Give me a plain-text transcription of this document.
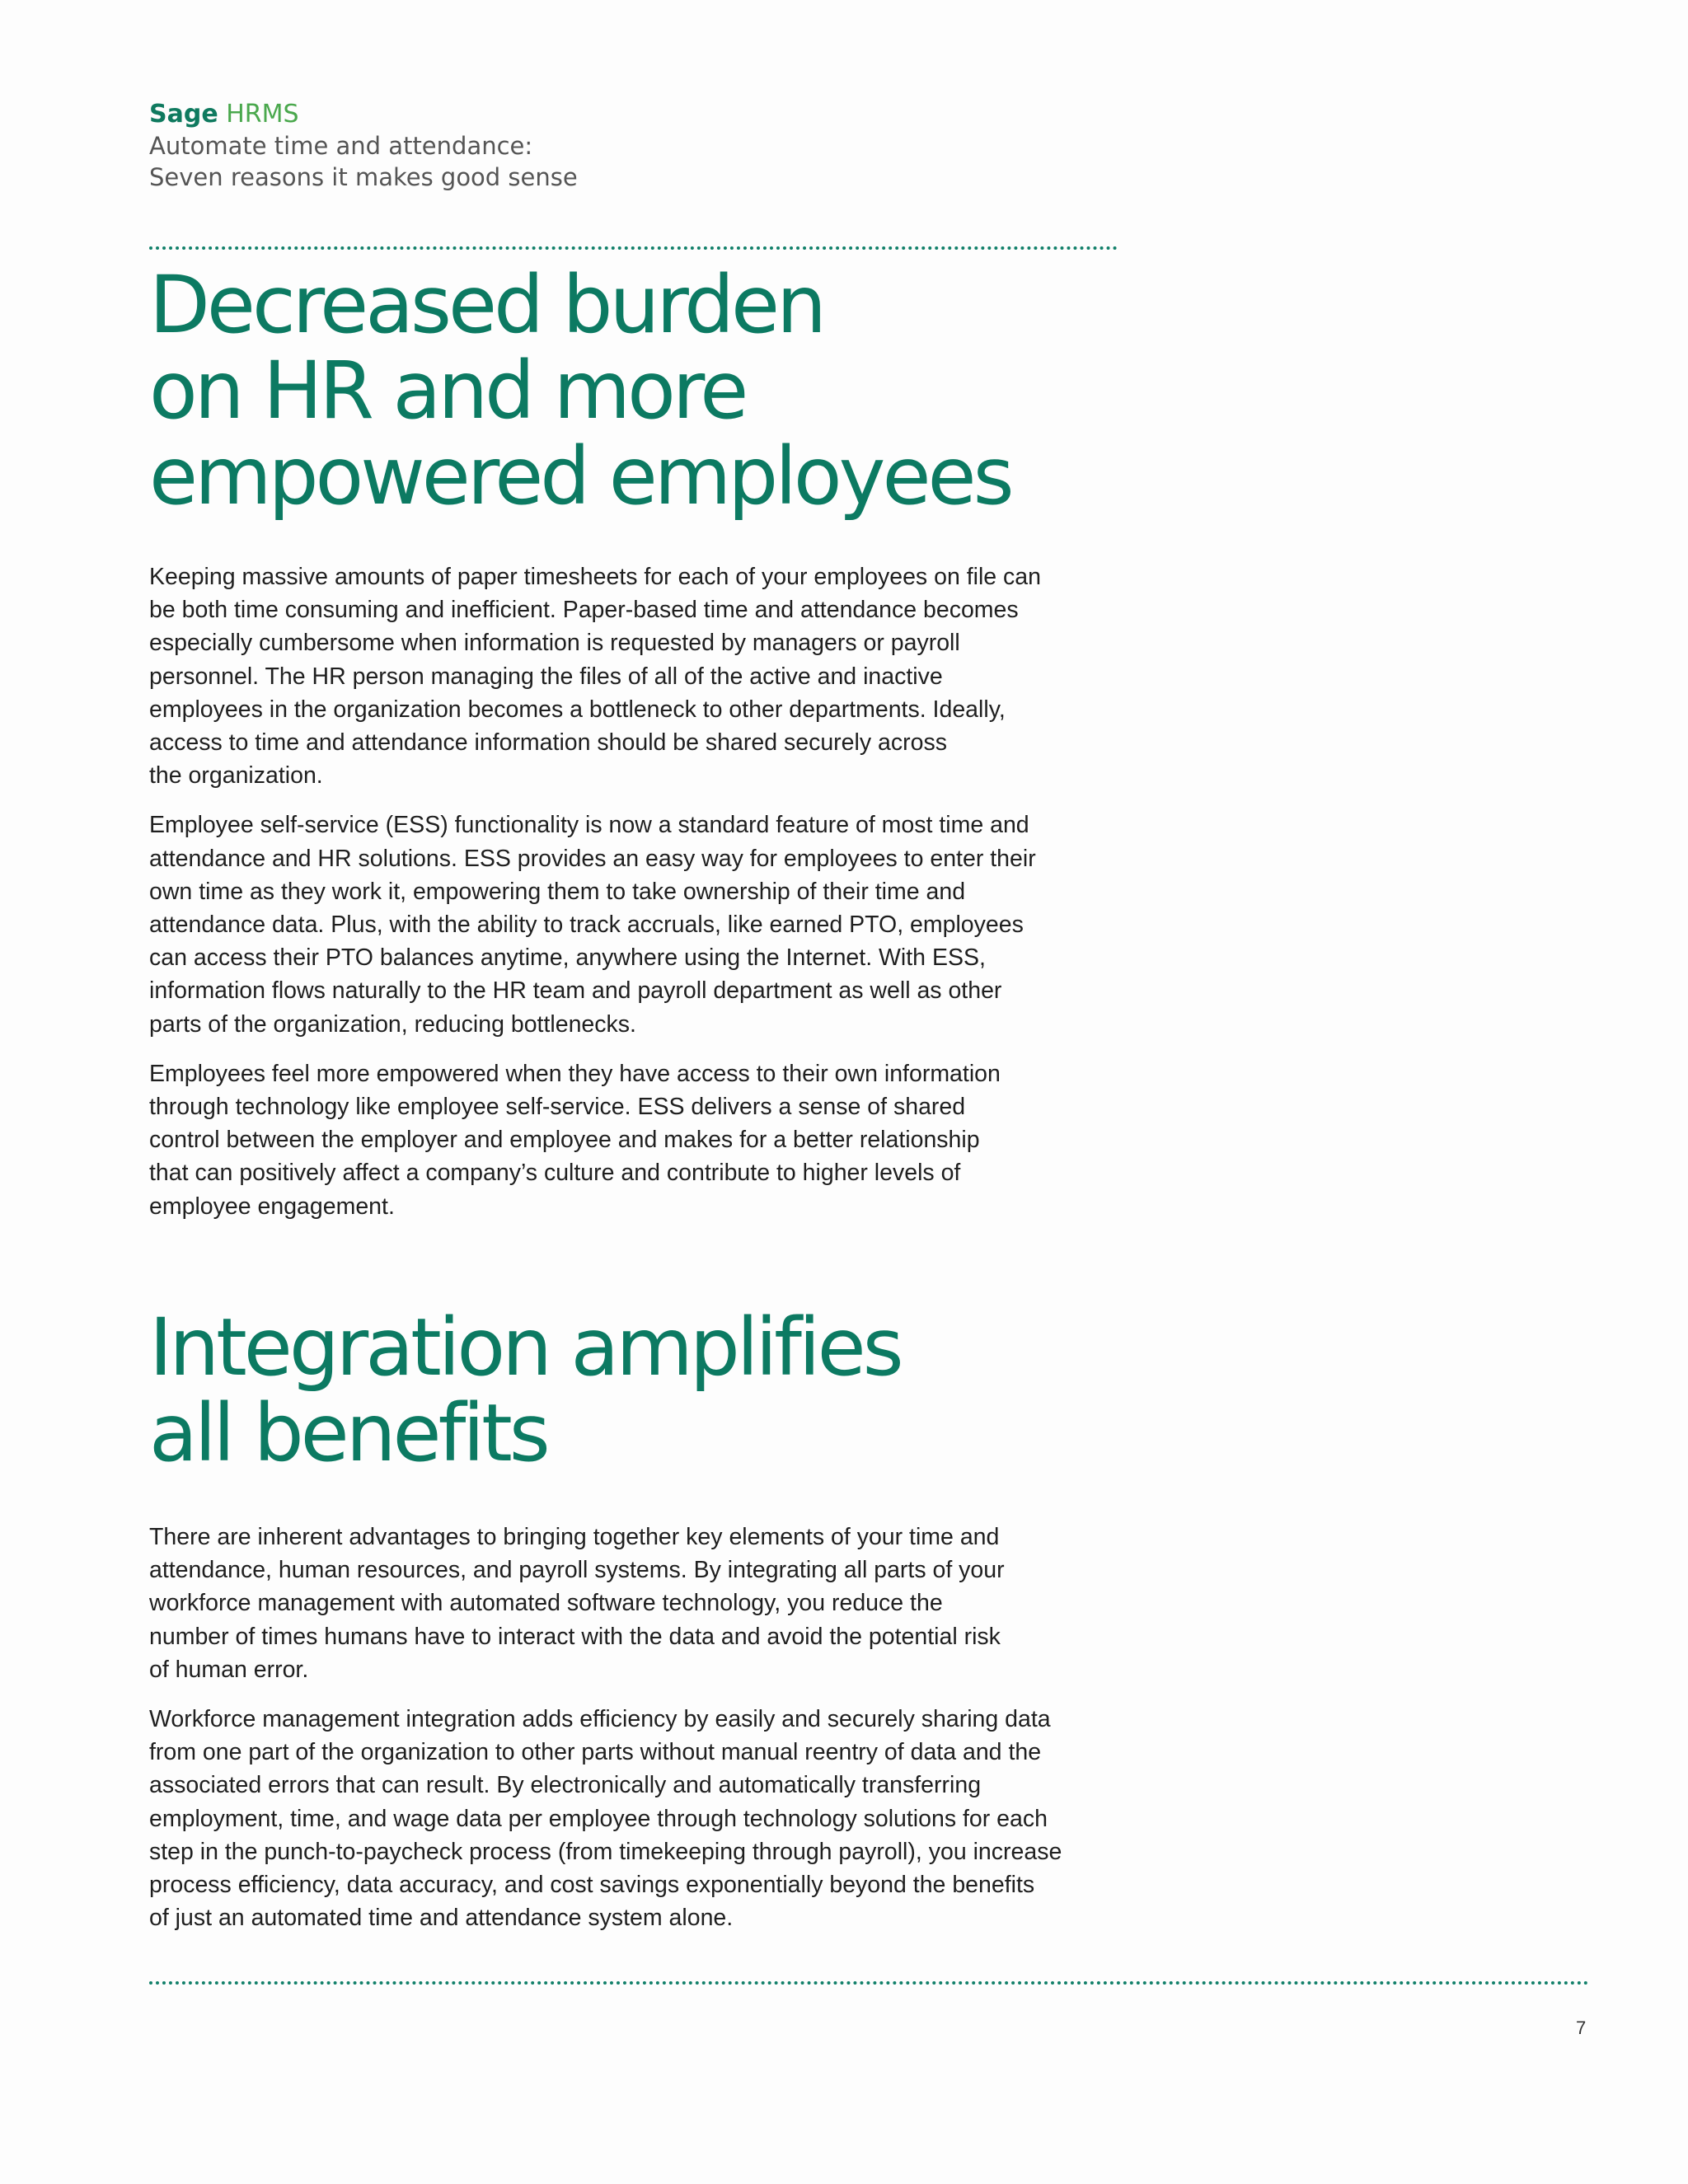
Sage HRMS
Automate time and attendance:
Seven reasons it makes good sense
Decreased burden
on HR and more
empowered employees

Keeping massive amounts of paper timesheets for each of your employees on file can
be both time consuming and inefficient. Paper-based time and attendance becomes
especially cumbersome when information is requested by managers or payroll
personnel. The HR person managing the files of all of the active and inactive
employees in the organization becomes a bottleneck to other departments. Ideally,
access to time and attendance information should be shared securely across
the organization.

Employee self-service (ESS) functionality is now a standard feature of most time and
attendance and HR solutions. ESS provides an easy way for employees to enter their
own time as they work it, empowering them to take ownership of their time and
attendance data. Plus, with the ability to track accruals, like earned PTO, employees
can access their PTO balances anytime, anywhere using the Internet. With ESS,
information flows naturally to the HR team and payroll department as well as other
parts of the organization, reducing bottlenecks.

Employees feel more empowered when they have access to their own information
through technology like employee self-service. ESS delivers a sense of shared
control between the employer and employee and makes for a better relationship
that can positively affect a company’s culture and contribute to higher levels of
employee engagement.

Integration amplifies
all benefits

There are inherent advantages to bringing together key elements of your time and
attendance, human resources, and payroll systems. By integrating all parts of your
workforce management with automated software technology, you reduce the
number of times humans have to interact with the data and avoid the potential risk
of human error.

Workforce management integration adds efficiency by easily and securely sharing data
from one part of the organization to other parts without manual reentry of data and the
associated errors that can result. By electronically and automatically transferring
employment, time, and wage data per employee through technology solutions for each
step in the punch-to-paycheck process (from timekeeping through payroll), you increase
process efficiency, data accuracy, and cost savings exponentially beyond the benefits
of just an automated time and attendance system alone.

7
